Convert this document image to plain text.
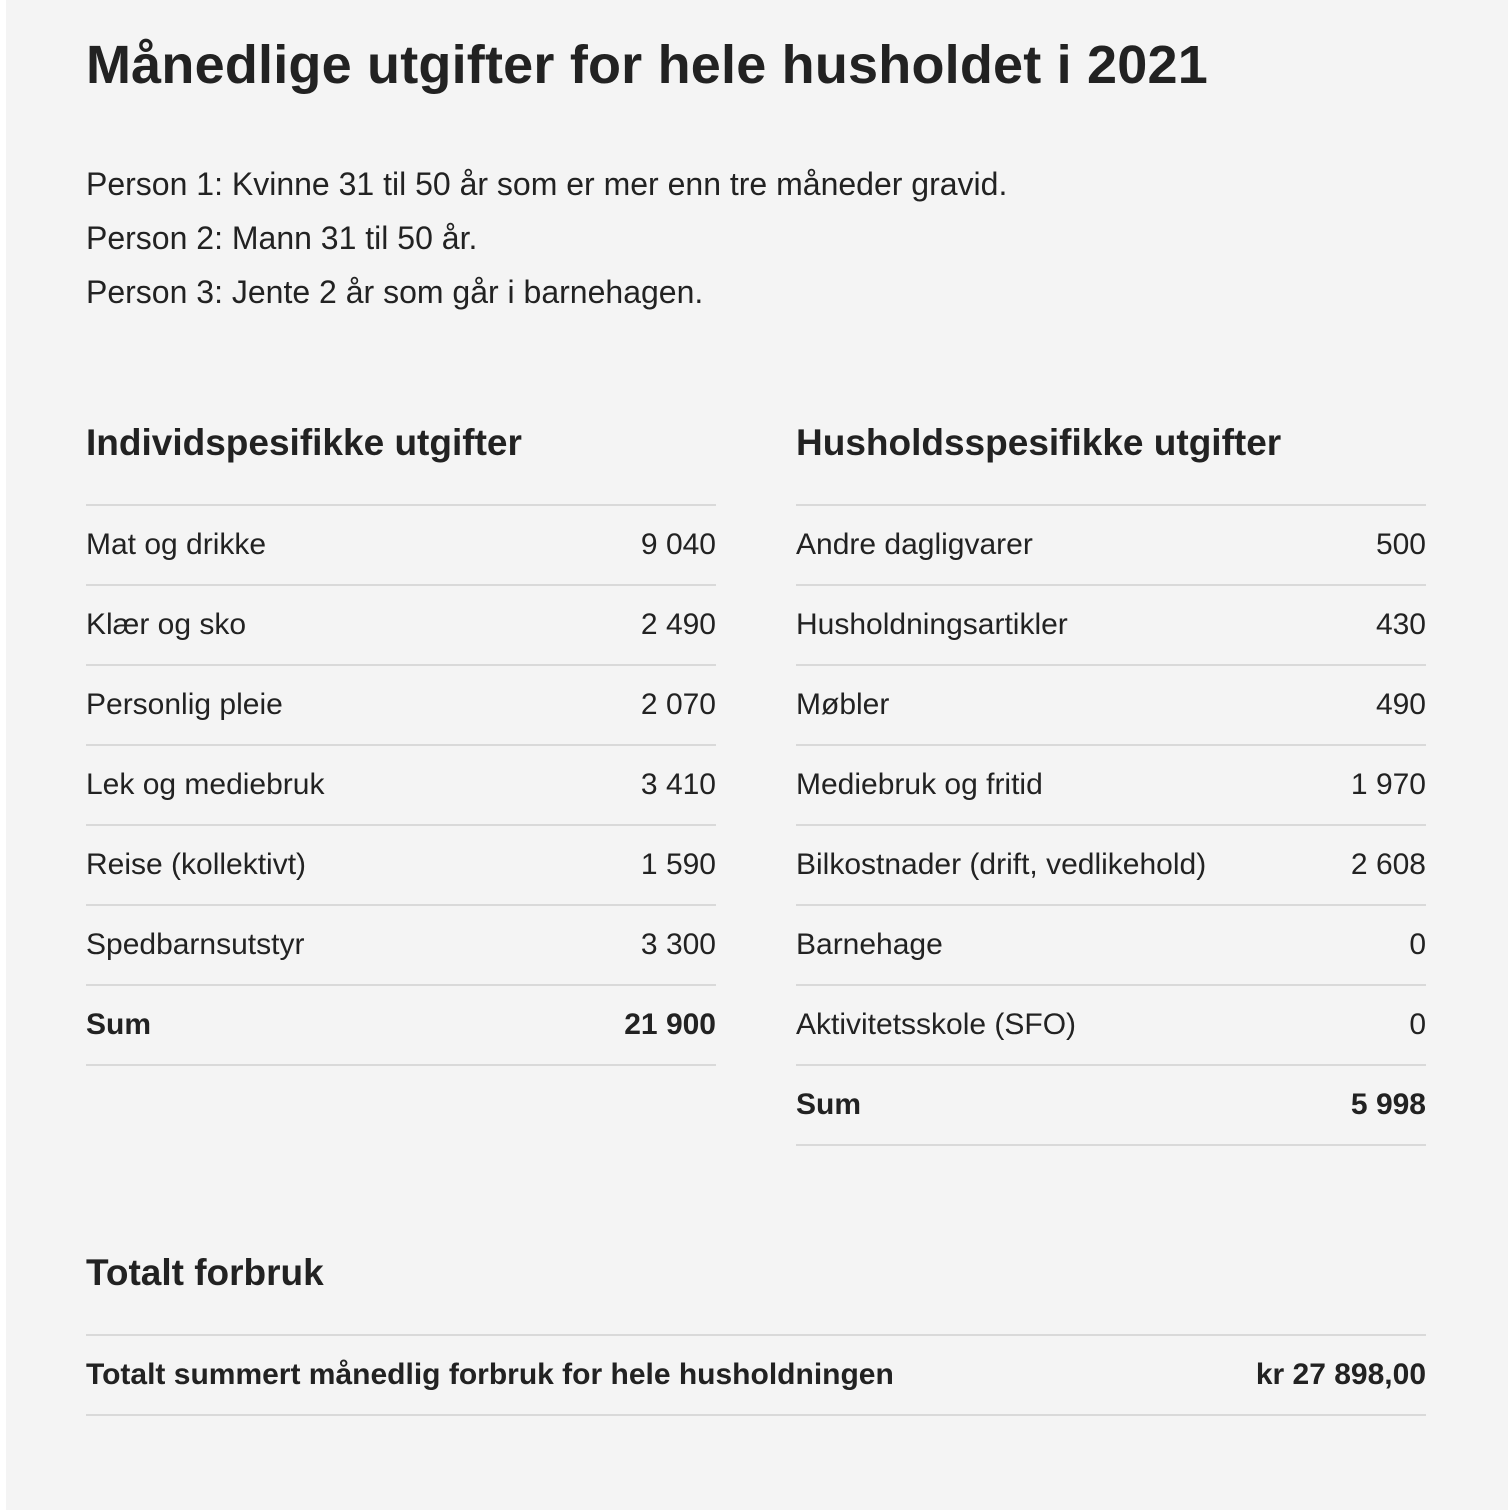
Månedlige utgifter for hele husholdet i 2021
Person 1: Kvinne 31 til 50 år som er mer enn tre måneder gravid.
Person 2: Mann 31 til 50 år.
Person 3: Jente 2 år som går i barnehagen.
Individspesifikke utgifter
Mat og drikke	9 040
Klær og sko	2 490
Personlig pleie	2 070
Lek og mediebruk	3 410
Reise (kollektivt)	1 590
Spedbarnsutstyr	3 300
Sum	21 900
Husholdsspesifikke utgifter
Andre dagligvarer	500
Husholdningsartikler	430
Møbler	490
Mediebruk og fritid	1 970
Bilkostnader (drift, vedlikehold)	2 608
Barnehage	0
Aktivitetsskole (SFO)	0
Sum	5 998
Totalt forbruk
Totalt summert månedlig forbruk for hele husholdningen	kr 27 898,00
